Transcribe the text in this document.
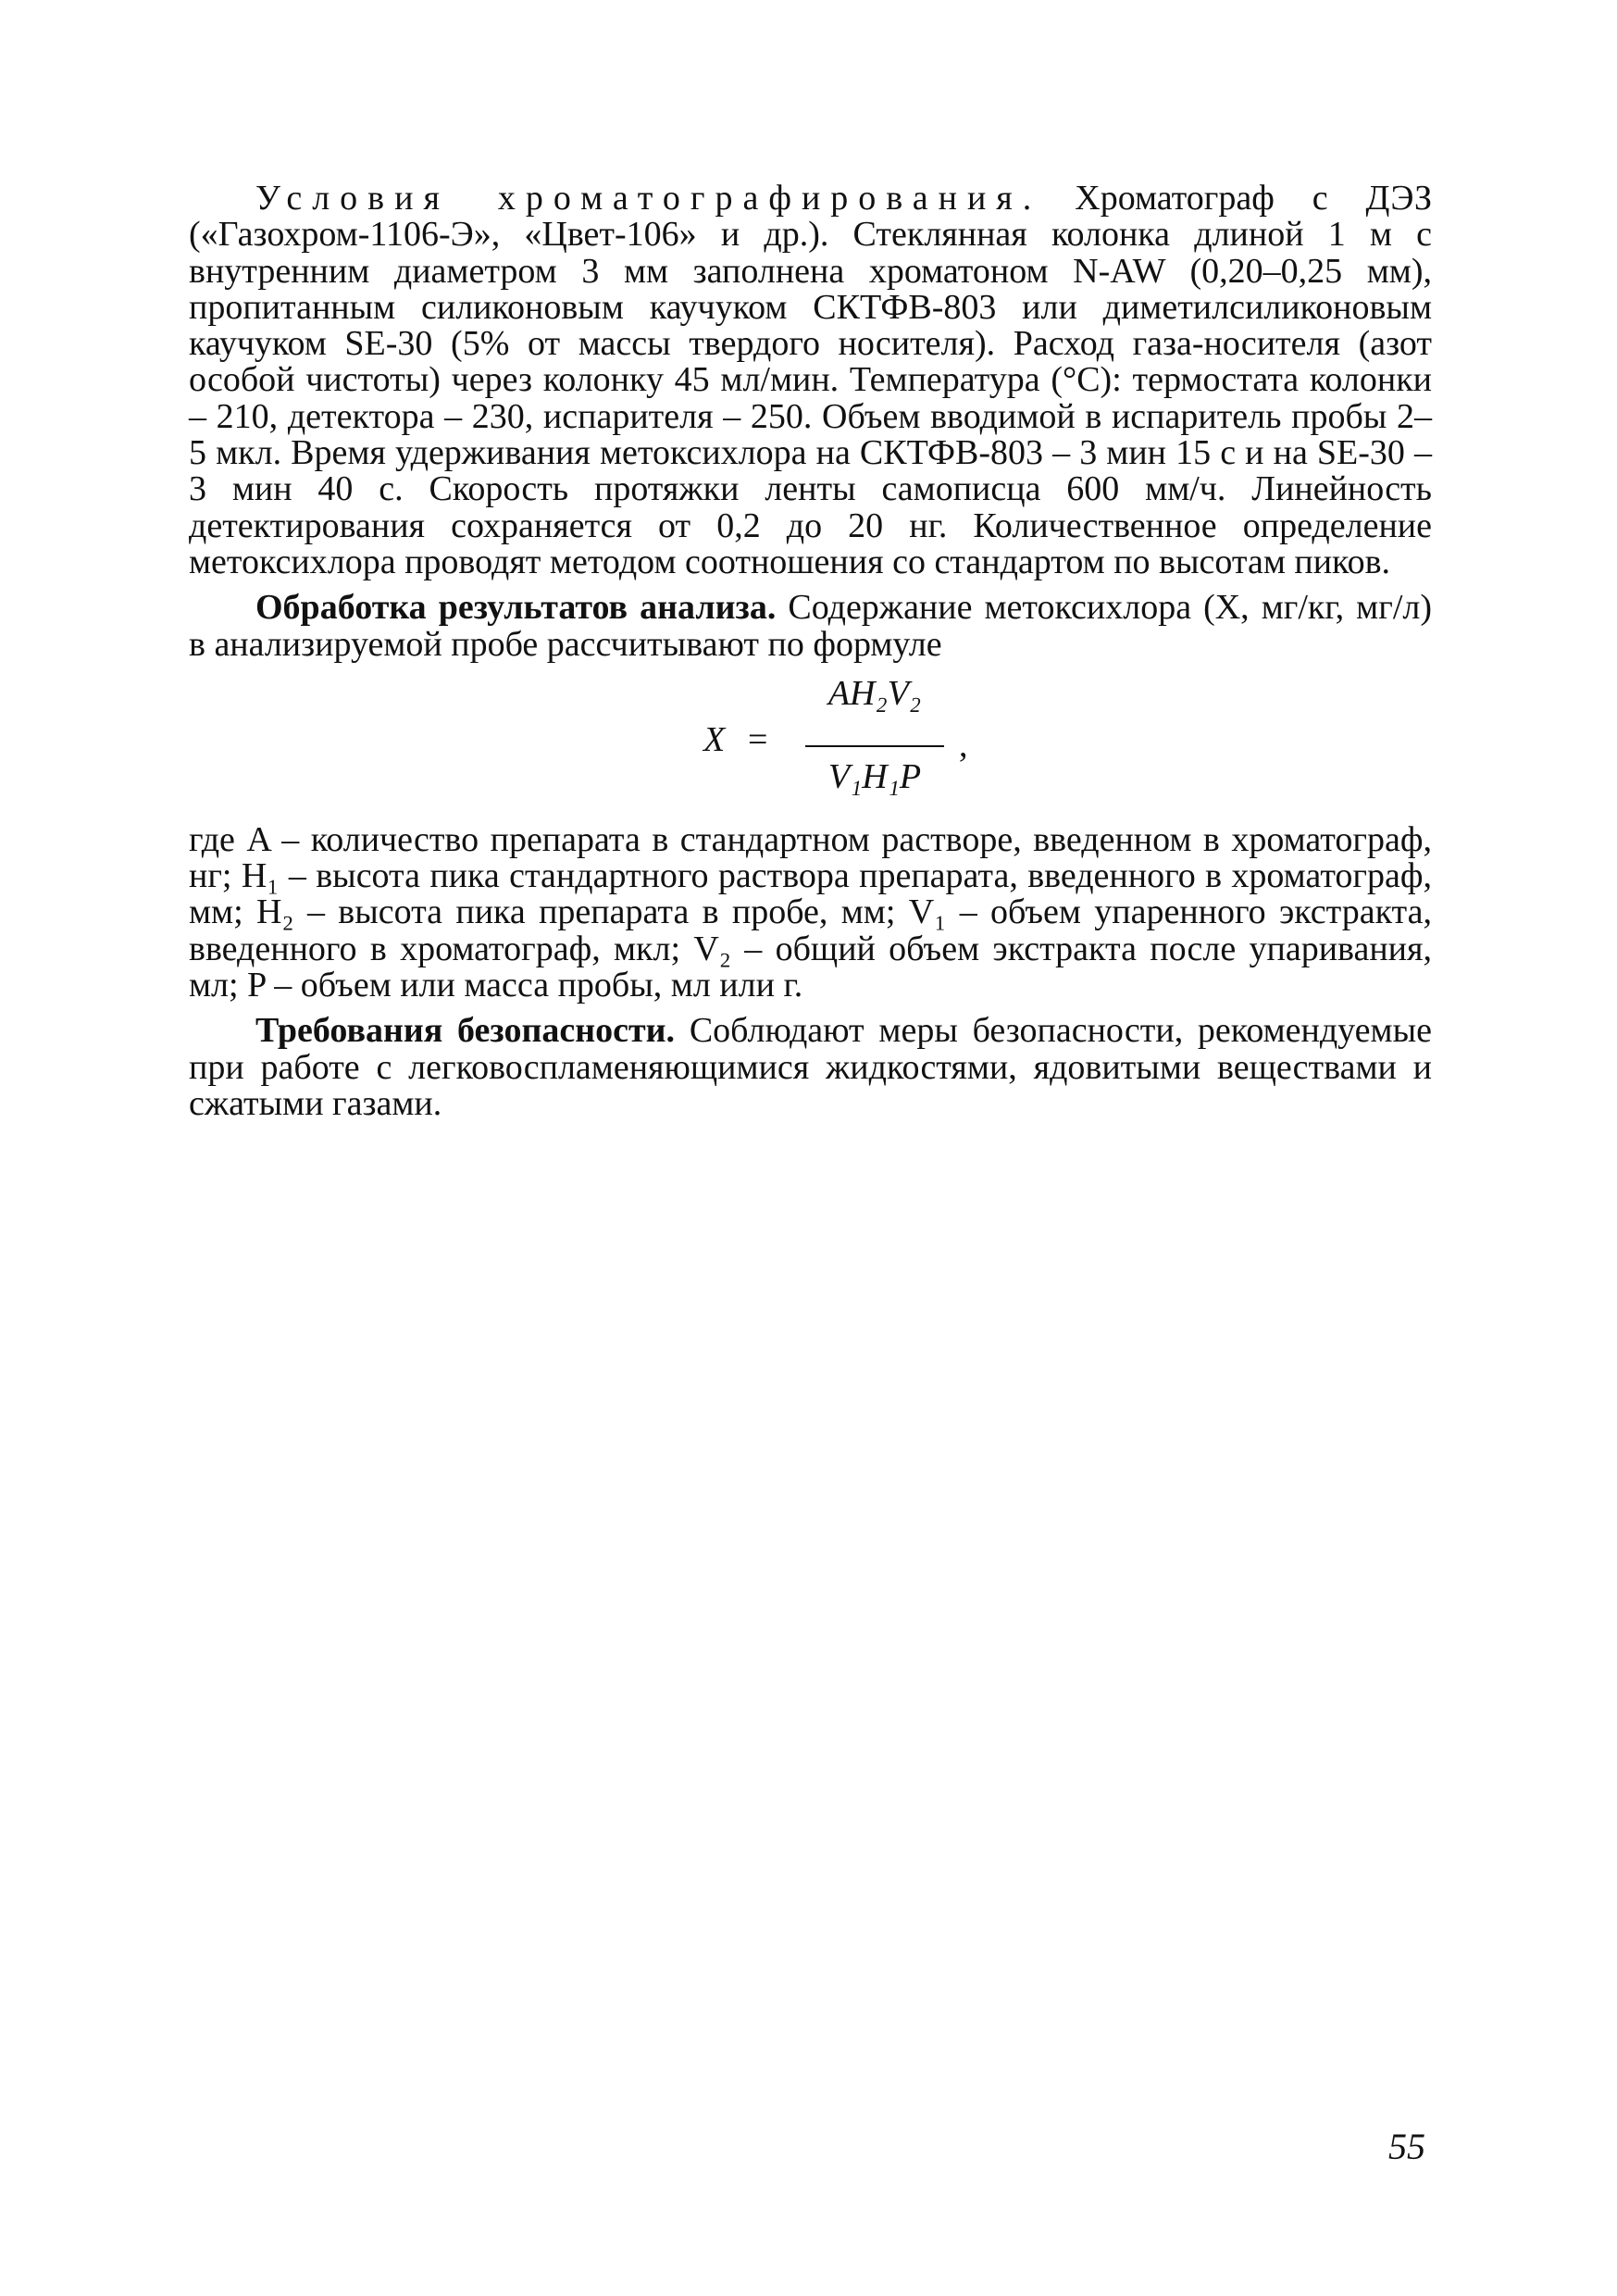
Условия хроматографирования. Хроматограф с ДЭЗ («Газохром-1106-Э», «Цвет-106» и др.). Стеклянная колонка длиной 1 м с внутренним диаметром 3 мм заполнена хроматоном N-AW (0,20–0,25 мм), пропитанным силиконовым каучуком СКТФВ-803 или диметилсиликоновым каучуком SE-30 (5% от массы твердого носителя). Расход газа-носителя (азот особой чистоты) через колонку 45 мл/мин. Температура (°С): термостата колонки – 210, детектора – 230, испарителя – 250. Объем вводимой в испаритель пробы 2–5 мкл. Время удерживания метоксихлора на СКТФВ-803 – 3 мин 15 с и на SE-30 – 3 мин 40 с. Скорость протяжки ленты самописца 600 мм/ч. Линейность детектирования сохраняется от 0,2 до 20 нг. Количественное определение метоксихлора проводят методом соотношения со стандартом по высотам пиков.

Обработка результатов анализа. Содержание метоксихлора (X, мг/кг, мг/л) в анализируемой пробе рассчитывают по формуле

X =
AH₂V₂
V₁H₁P
,

где A – количество препарата в стандартном растворе, введенном в хроматограф, нг; H₁ – высота пика стандартного раствора препарата, введенного в хроматограф, мм; H₂ – высота пика препарата в пробе, мм; V₁ – объем упаренного экстракта, введенного в хроматограф, мкл; V₂ – общий объем экстракта после упаривания, мл; P – объем или масса пробы, мл или г.

Требования безопасности. Соблюдают меры безопасности, рекомендуемые при работе с легковоспламеняющимися жидкостями, ядовитыми веществами и сжатыми газами.

55
